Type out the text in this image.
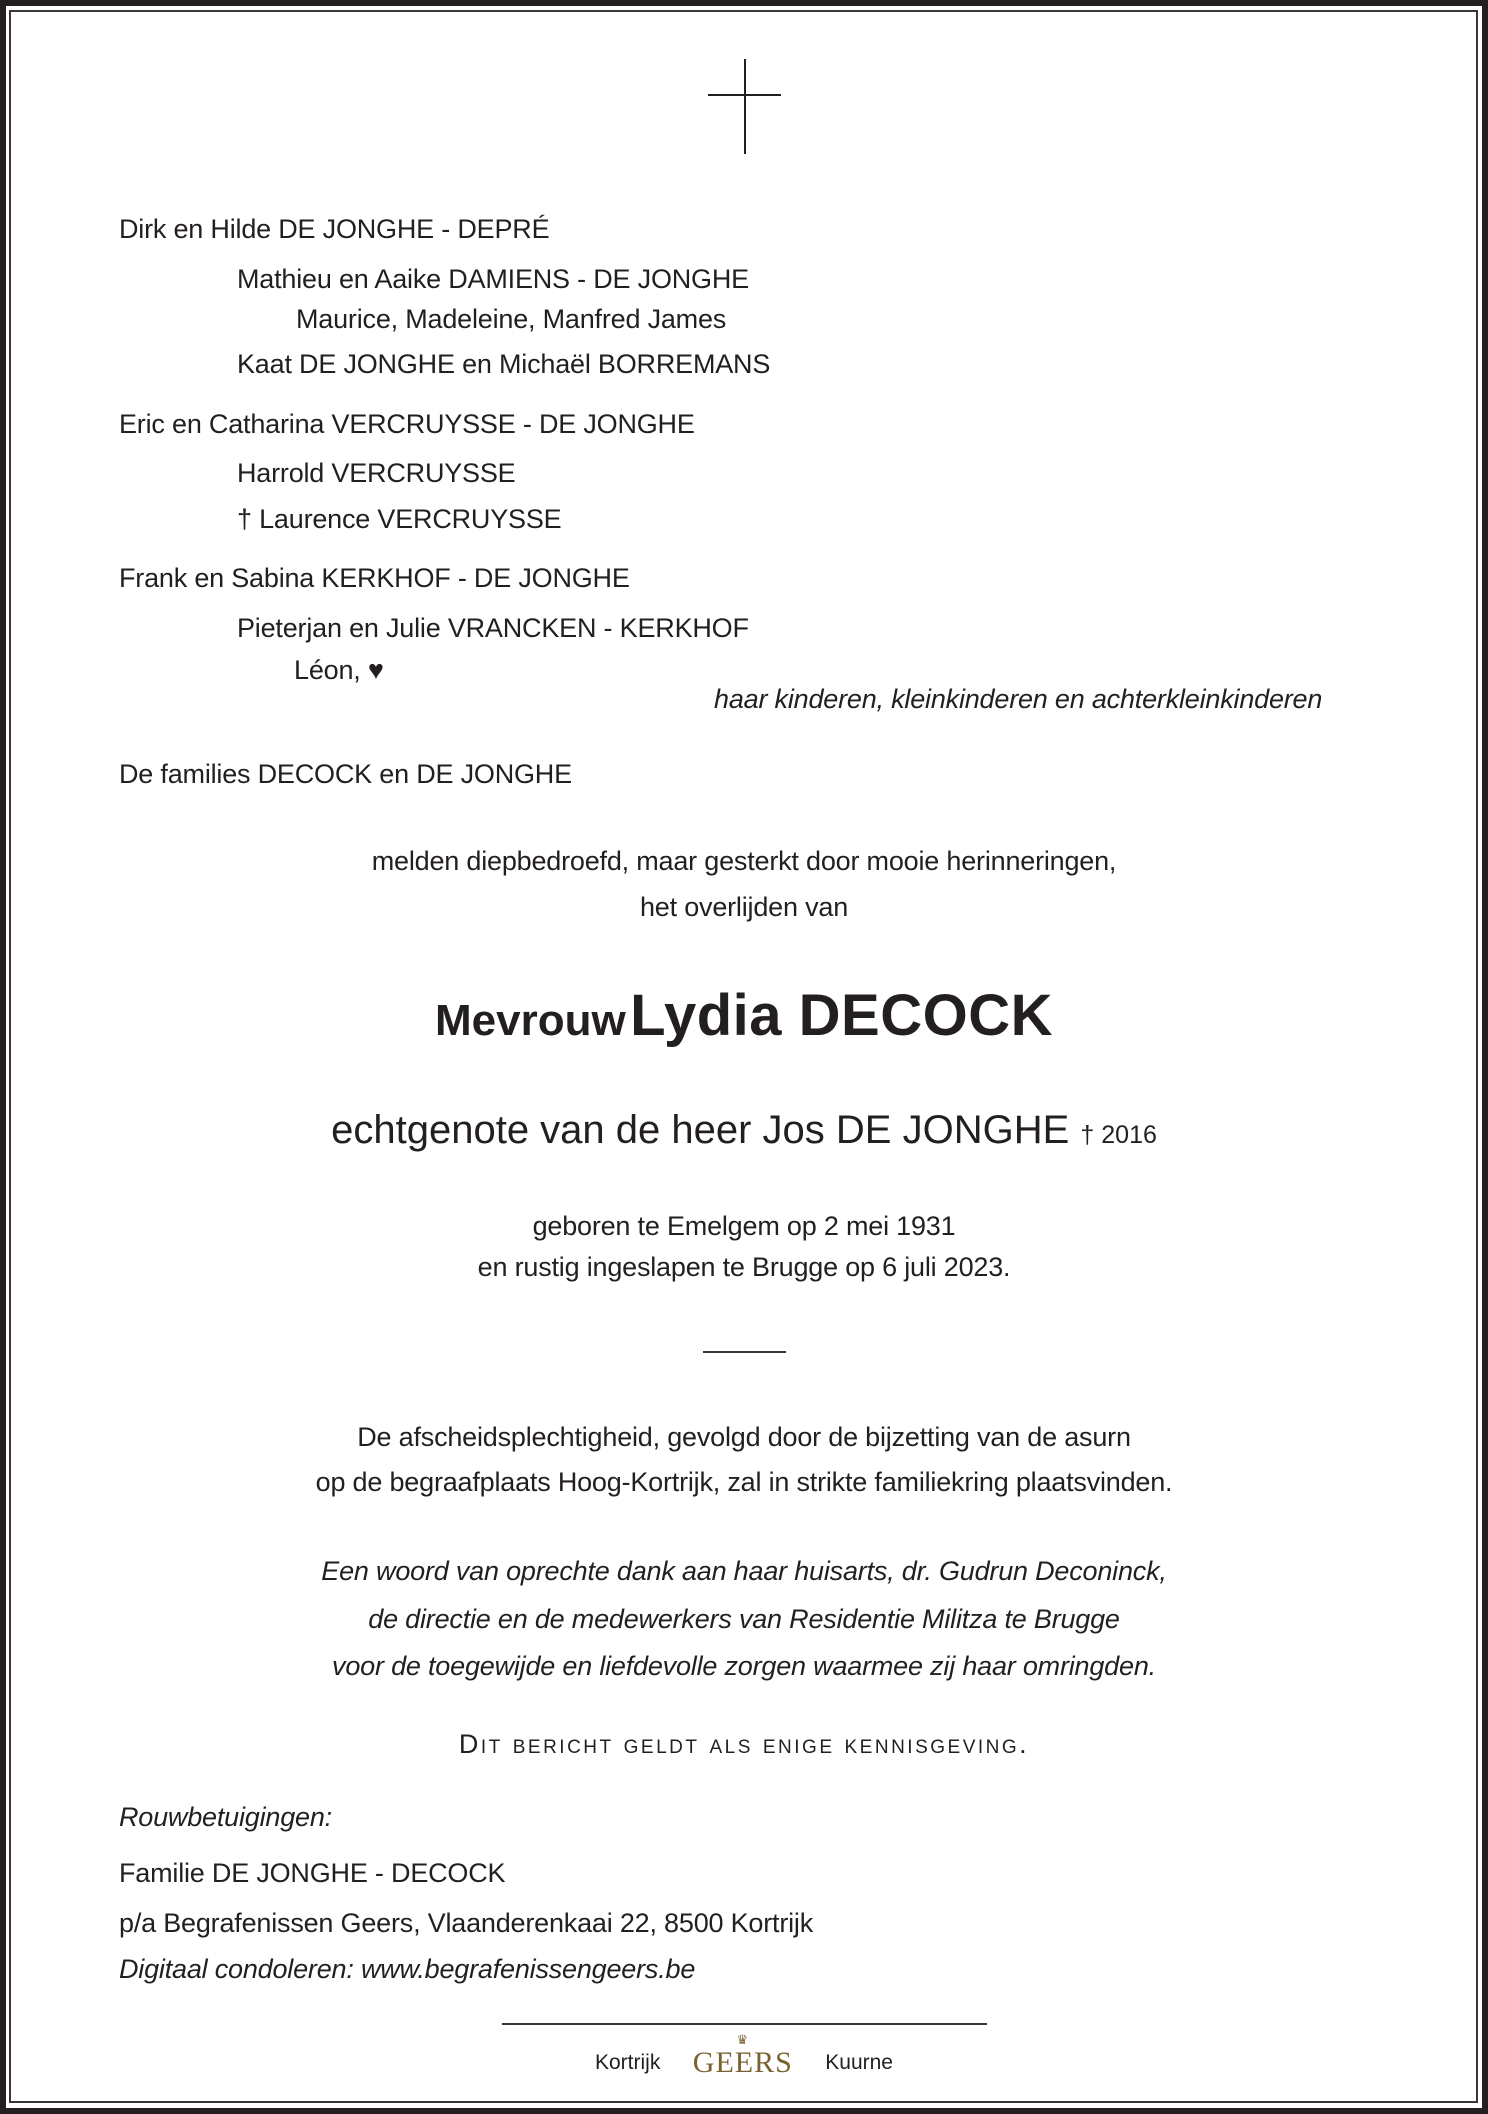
Dirk en Hilde DE JONGHE - DEPRÉ
Mathieu en Aaike DAMIENS - DE JONGHE
Maurice, Madeleine, Manfred James
Kaat DE JONGHE en Michaël BORREMANS
Eric en Catharina VERCRUYSSE - DE JONGHE
Harrold VERCRUYSSE
† Laurence VERCRUYSSE
Frank en Sabina KERKHOF - DE JONGHE
Pieterjan en Julie VRANCKEN - KERKHOF
Léon, ♥
haar kinderen, kleinkinderen en achterkleinkinderen
De families DECOCK en DE JONGHE
melden diepbedroefd, maar gesterkt door mooie herinneringen,
het overlijden van
Mevrouw Lydia DECOCK
echtgenote van de heer Jos DE JONGHE † 2016
geboren te Emelgem op 2 mei 1931
en rustig ingeslapen te Brugge op 6 juli 2023.
De afscheidsplechtigheid, gevolgd door de bijzetting van de asurn
op de begraafplaats Hoog-Kortrijk, zal in strikte familiekring plaatsvinden.
Een woord van oprechte dank aan haar huisarts, dr. Gudrun Deconinck,
de directie en de medewerkers van Residentie Militza te Brugge
voor de toegewijde en liefdevolle zorgen waarmee zij haar omringden.
Dit bericht geldt als enige kennisgeving.
Rouwbetuigingen:
Familie DE JONGHE - DECOCK
p/a Begrafenissen Geers, Vlaanderenkaai 22, 8500 Kortrijk
Digitaal condoleren: www.begrafenissengeers.be
Kortrijk
♛
GEERS Kuurne
